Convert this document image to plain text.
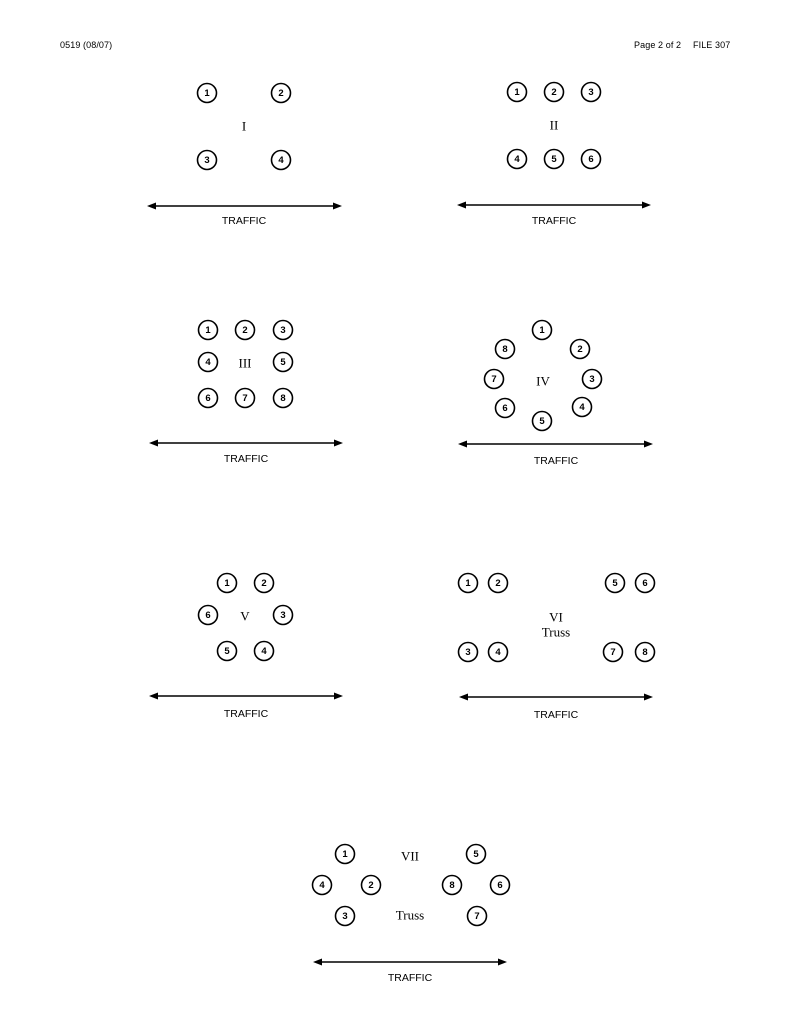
0519 (08/07)	Page 2 of 2 FILE 307
1	2
3	4
I
TRAFFIC
1	2	3
4	5	6
II
TRAFFIC
1	2	3
4	5
6	7	8
III
TRAFFIC
1
2
3
4
5
6
7
8
IV
TRAFFIC
1	2
3
4
5
6 V
TRAFFIC
1	2
3	4
5	6
7	8
VI
Truss
TRAFFIC
1
2
3
4
5
6
7
8
VII
Truss
TRAFFIC
